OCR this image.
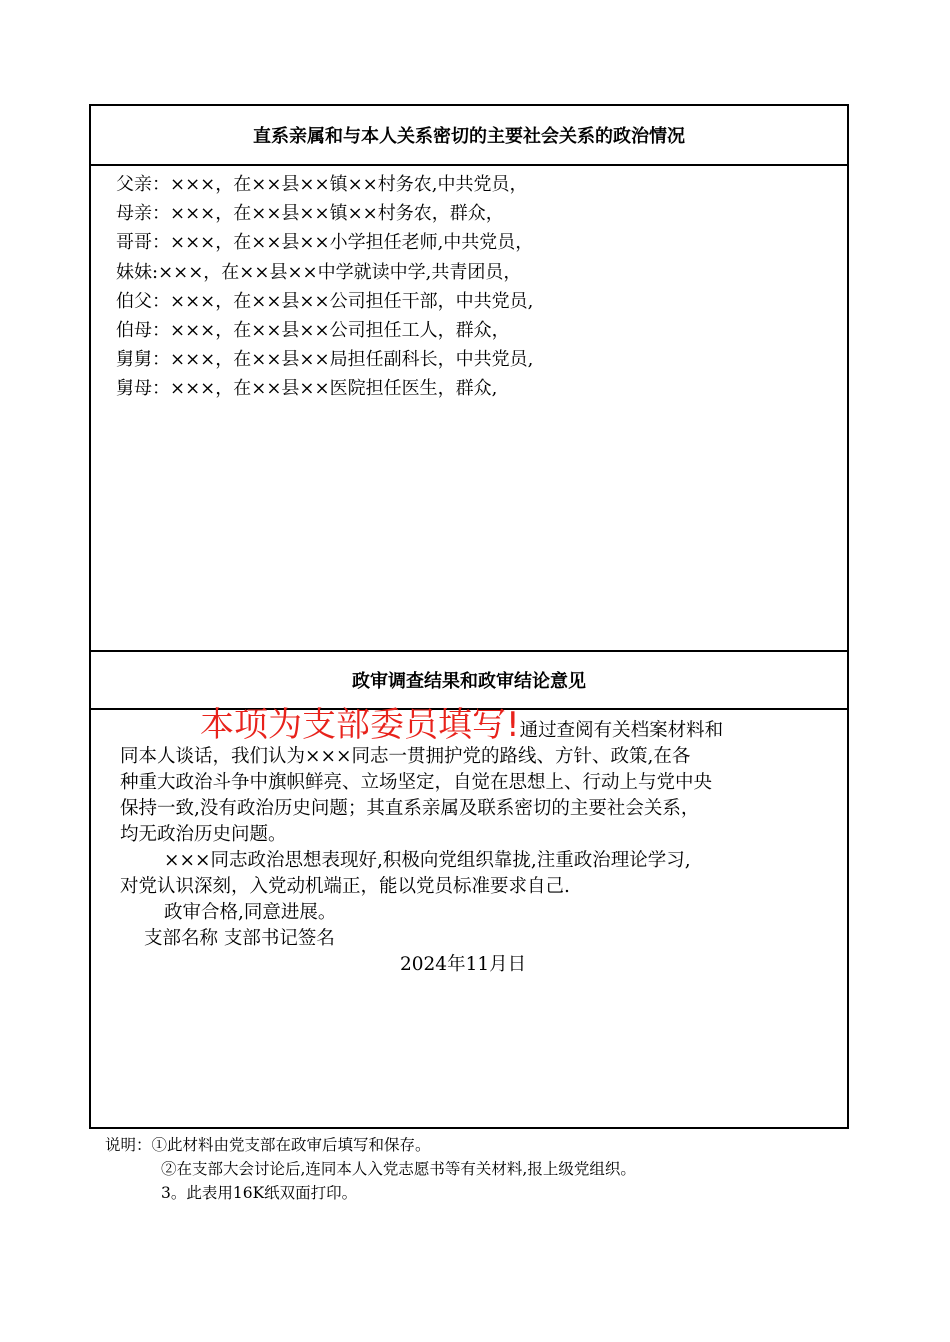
直系亲属和与本人关系密切的主要社会关系的政治情况
父亲：×××，在××县××镇××村务农,中共党员，
母亲：×××，在××县××镇××村务农，群众，
哥哥：×××，在××县××小学担任老师,中共党员，
妹妹:×××，在××县××中学就读中学,共青团员，
伯父：×××，在××县××公司担任干部，中共党员,
伯母：×××，在××县××公司担任工人，群众，
舅舅：×××，在××县××局担任副科长，中共党员,
舅母：×××，在××县××医院担任医生，群众,
政审调查结果和政审结论意见
本项为支部委员填写!通过查阅有关档案材料和
同本人谈话，我们认为×××同志一贯拥护党的路线、方针、政策,在各
种重大政治斗争中旗帜鲜亮、立场坚定，自觉在思想上、行动上与党中央
保持一致,没有政治历史问题；其直系亲属及联系密切的主要社会关系，
均无政治历史问题。
×××同志政治思想表现好,积极向党组织靠拢,注重政治理论学习,
对党认识深刻，入党动机端正，能以党员标准要求自己.
政审合格,同意进展。
支部名称 支部书记签名
2024年11月日
说明：①此材料由党支部在政审后填写和保存。
②在支部大会讨论后,连同本人入党志愿书等有关材料,报上级党组织。
3。此表用16K纸双面打印。
